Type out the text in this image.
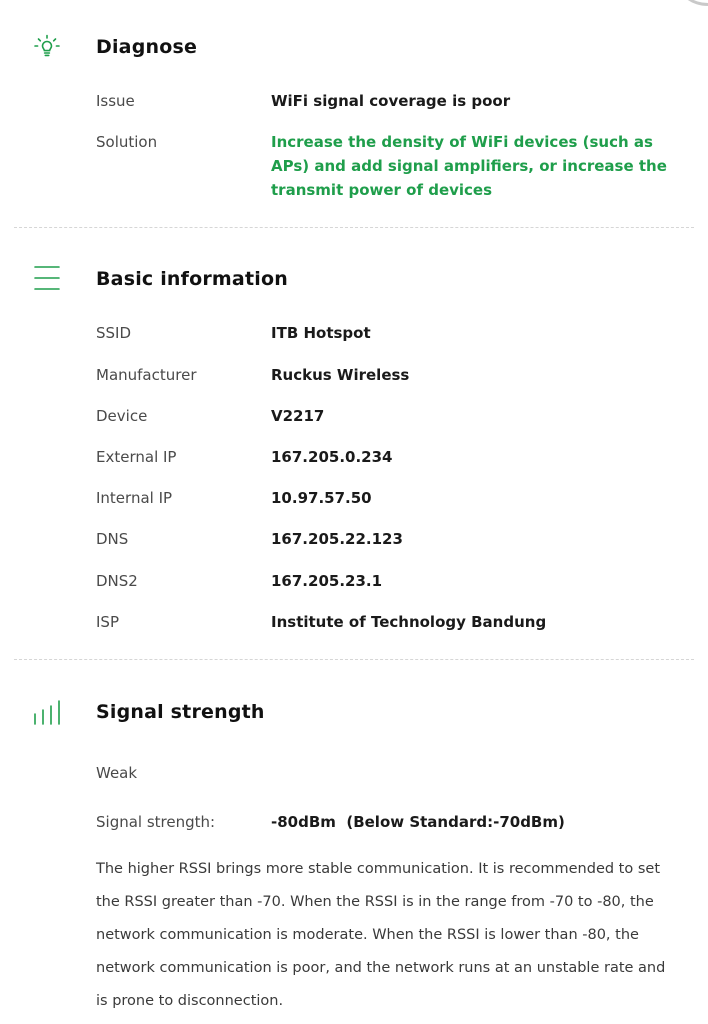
Diagnose
Issue	WiFi signal coverage is poor
Solution	Increase the density of WiFi devices (such as APs) and add signal amplifiers, or increase the transmit power of devices
Basic information
SSID	ITB Hotspot
Manufacturer	Ruckus Wireless
Device	V2217
External IP	167.205.0.234
Internal IP	10.97.57.50
DNS	167.205.22.123
DNS2	167.205.23.1
ISP	Institute of Technology Bandung
Signal strength
Weak
Signal strength:	-80dBm  (Below Standard:-70dBm)
The higher RSSI brings more stable communication. It is recommended to set the RSSI greater than -70. When the RSSI is in the range from -70 to -80, the network communication is moderate. When the RSSI is lower than -80, the network communication is poor, and the network runs at an unstable rate and is prone to disconnection.
